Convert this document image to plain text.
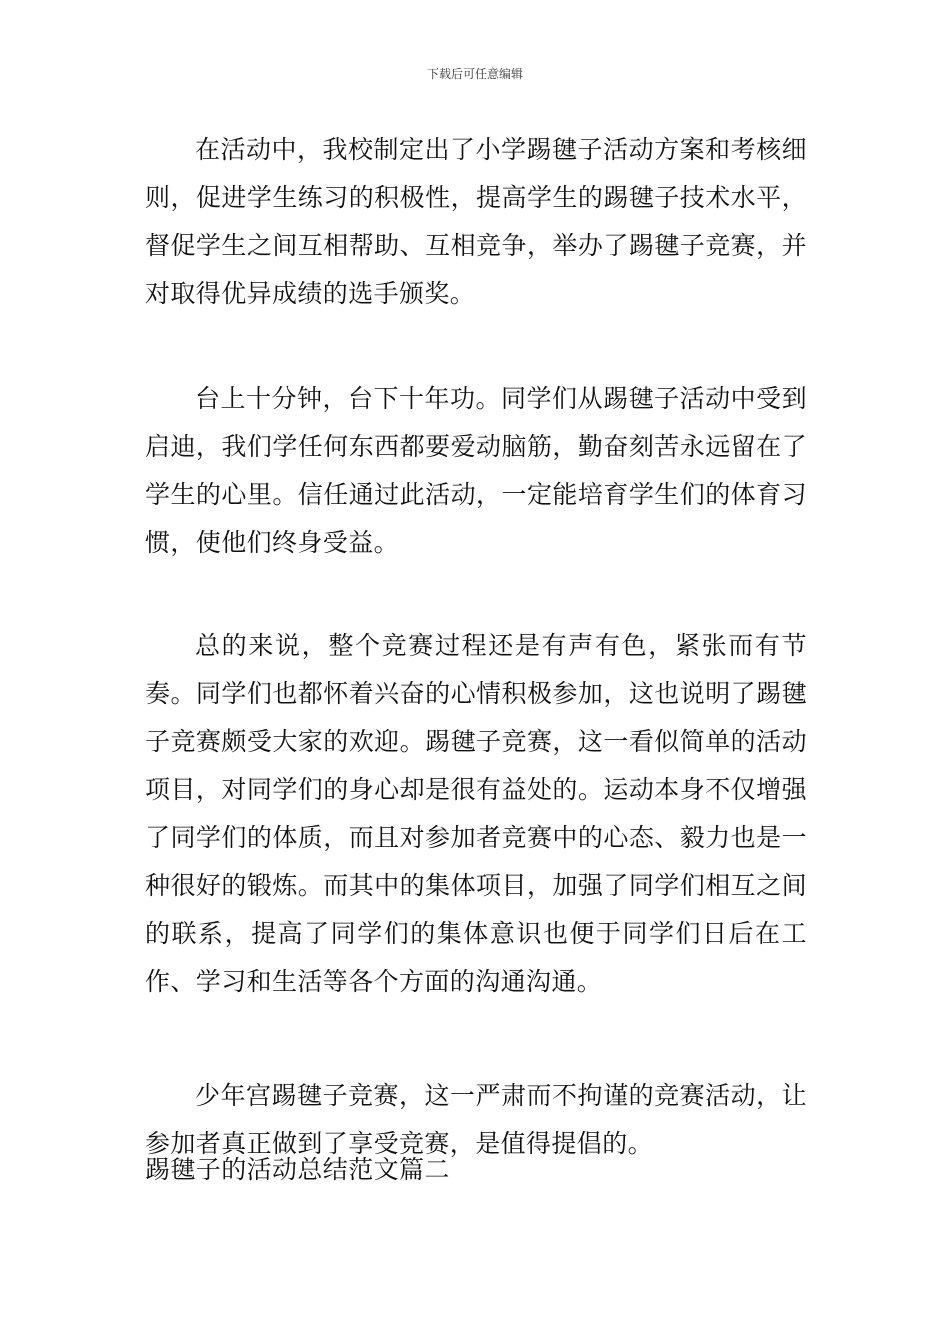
下载后可任意编辑

在活动中，我校制定出了小学踢毽子活动方案和考核细则，促进学生练习的积极性，提高学生的踢毽子技术水平，督促学生之间互相帮助、互相竞争，举办了踢毽子竞赛，并对取得优异成绩的选手颁奖。

台上十分钟，台下十年功。同学们从踢毽子活动中受到启迪，我们学任何东西都要爱动脑筋，勤奋刻苦永远留在了学生的心里。信任通过此活动，一定能培育学生们的体育习惯，使他们终身受益。

总的来说，整个竞赛过程还是有声有色，紧张而有节奏。同学们也都怀着兴奋的心情积极参加，这也说明了踢毽子竞赛颇受大家的欢迎。踢毽子竞赛，这一看似简单的活动项目，对同学们的身心却是很有益处的。运动本身不仅增强了同学们的体质，而且对参加者竞赛中的心态、毅力也是一种很好的锻炼。而其中的集体项目，加强了同学们相互之间的联系，提高了同学们的集体意识也便于同学们日后在工作、学习和生活等各个方面的沟通沟通。

少年宫踢毽子竞赛，这一严肃而不拘谨的竞赛活动，让参加者真正做到了享受竞赛，是值得提倡的。

踢毽子的活动总结范文篇二
